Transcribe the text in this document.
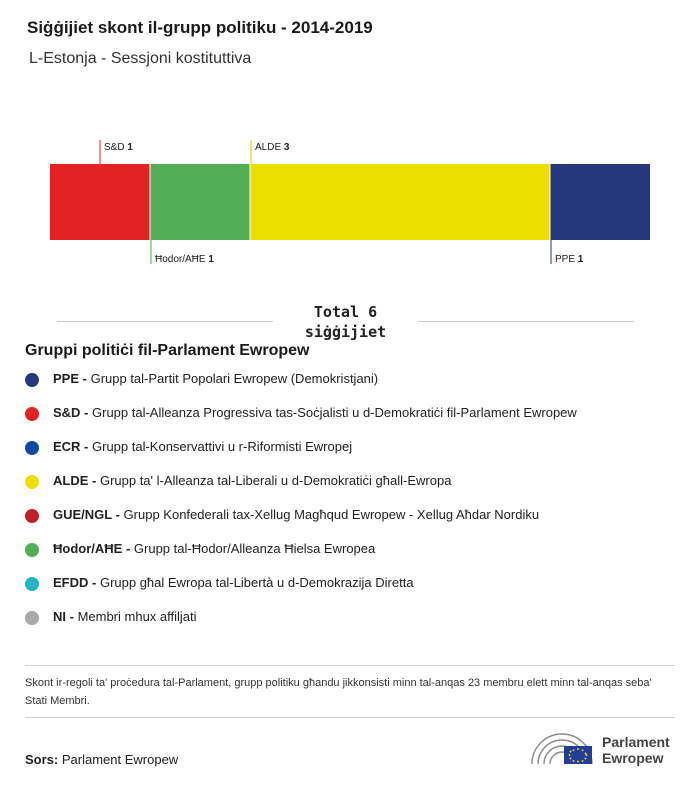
Siġġijiet skont il-grupp politiku - 2014-2019
L-Estonja - Sessjoni kostituttiva
S&D 1
Ħodor/AĦE 1
ALDE 3
PPE 1
Total 6
siġġijiet
Gruppi politiċi fil-Parlament Ewropew
PPE - Grupp tal-Partit Popolari Ewropew (Demokristjani)
S&D - Grupp tal-Alleanza Progressiva tas-Soċjalisti u d-Demokratiċi fil-Parlament Ewropew
ECR - Grupp tal-Konservattivi u r-Riformisti Ewropej
ALDE - Grupp ta' l-Alleanza tal-Liberali u d-Demokratiċi għall-Ewropa
GUE/NGL - Grupp Konfederali tax-Xellug Magħqud Ewropew - Xellug Aħdar Nordiku
Ħodor/AĦE - Grupp tal-Ħodor/Alleanza Ħielsa Ewropea
EFDD - Grupp għal Ewropa tal-Libertà u d-Demokrazija Diretta
NI - Membri mhux affiljati
Skont ir-regoli ta' proċedura tal-Parlament, grupp politiku għandu jikkonsisti minn tal-anqas 23 membru elett minn tal-anqas seba' Stati Membri.
Sors: Parlament Ewropew
Parlament
Ewropew
